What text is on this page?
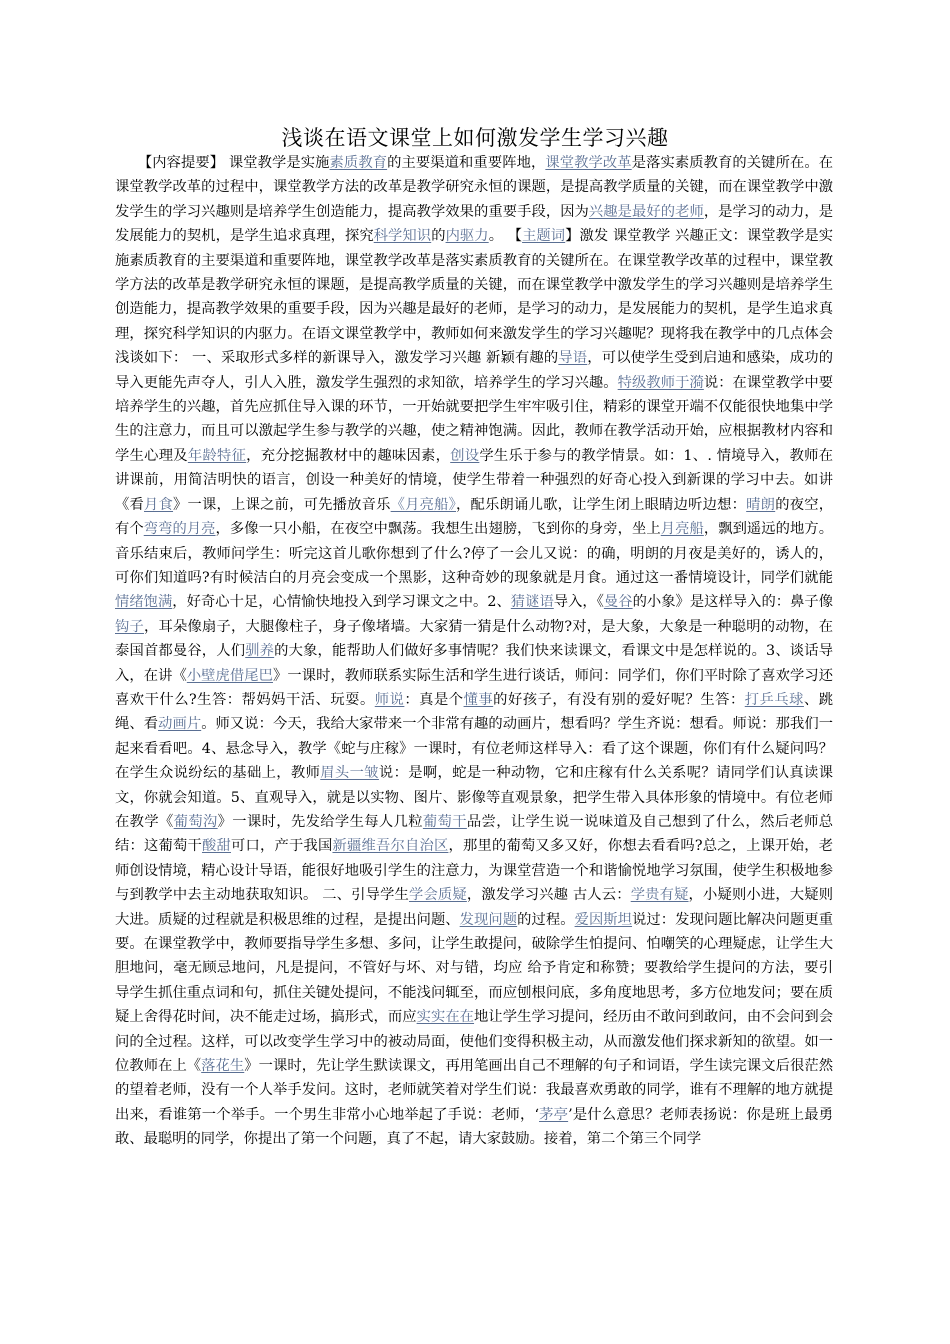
浅谈在语文课堂上如何激发学生学习兴趣

【内容提要】 课堂教学是实施素质教育的主要渠道和重要阵地，课堂教学改革是落实素质教育的关键所在。在课堂教学改革的过程中，课堂教学方法的改革是教学研究永恒的课题，是提高教学质量的关键，而在课堂教学中激发学生的学习兴趣则是培养学生创造能力，提高教学效果的重要手段，因为兴趣是最好的老师，是学习的动力，是发展能力的契机，是学生追求真理，探究科学知识的内驱力。 【主题词】激发 课堂教学 兴趣正文：课堂教学是实施素质教育的主要渠道和重要阵地，课堂教学改革是落实素质教育的关键所在。在课堂教学改革的过程中，课堂教学方法的改革是教学研究永恒的课题，是提高教学质量的关键，而在课堂教学中激发学生的学习兴趣则是培养学生创造能力，提高教学效果的重要手段，因为兴趣是最好的老师，是学习的动力，是发展能力的契机，是学生追求真理，探究科学知识的内驱力。在语文课堂教学中，教师如何来激发学生的学习兴趣呢？现将我在教学中的几点体会浅谈如下： 一、采取形式多样的新课导入，激发学习兴趣 新颖有趣的导语，可以使学生受到启迪和感染，成功的导入更能先声夺人，引人入胜，激发学生强烈的求知欲，培养学生的学习兴趣。特级教师于漪说：在课堂教学中要培养学生的兴趣，首先应抓住导入课的环节，一开始就要把学生牢牢吸引住，精彩的课堂开端不仅能很快地集中学生的注意力，而且可以激起学生参与教学的兴趣，使之精神饱满。因此，教师在教学活动开始，应根据教材内容和学生心理及年龄特征，充分挖掘教材中的趣味因素，创设学生乐于参与的教学情景。如：1、. 情境导入，教师在讲课前，用简洁明快的语言，创设一种美好的情境，使学生带着一种强烈的好奇心投入到新课的学习中去。如讲《看月食》一课，上课之前，可先播放音乐《月亮船》，配乐朗诵儿歌，让学生闭上眼睛边听边想：晴朗的夜空，有个弯弯的月亮，多像一只小船，在夜空中飘荡。我想生出翅膀，飞到你的身旁，坐上月亮船，飘到遥远的地方。音乐结束后，教师问学生：听完这首儿歌你想到了什么?停了一会儿又说：的确，明朗的月夜是美好的，诱人的，可你们知道吗?有时候洁白的月亮会变成一个黑影，这种奇妙的现象就是月食。通过这一番情境设计，同学们就能情绪饱满，好奇心十足，心情愉快地投入到学习课文之中。2、猜谜语导入，《曼谷的小象》是这样导入的：鼻子像钩子，耳朵像扇子，大腿像柱子，身子像堵墙。大家猜一猜是什么动物?对，是大象，大象是一种聪明的动物，在泰国首都曼谷，人们驯养的大象，能帮助人们做好多事情呢？我们快来读课文，看课文中是怎样说的。3、谈话导入，在讲《小壁虎借尾巴》一课时，教师联系实际生活和学生进行谈话，师问：同学们，你们平时除了喜欢学习还喜欢干什么?生答：帮妈妈干活、玩耍。师说：真是个懂事的好孩子，有没有别的爱好呢？生答：打乒乓球、跳绳、看动画片。师又说：今天，我给大家带来一个非常有趣的动画片，想看吗？学生齐说：想看。师说：那我们一起来看看吧。4、悬念导入，教学《蛇与庄稼》一课时，有位老师这样导入：看了这个课题，你们有什么疑问吗？在学生众说纷纭的基础上，教师眉头一皱说：是啊，蛇是一种动物，它和庄稼有什么关系呢？请同学们认真读课文，你就会知道。5、直观导入，就是以实物、图片、影像等直观景象，把学生带入具体形象的情境中。有位老师在教学《葡萄沟》一课时，先发给学生每人几粒葡萄干品尝，让学生说一说味道及自己想到了什么，然后老师总结：这葡萄干酸甜可口，产于我国新疆维吾尔自治区，那里的葡萄又多又好，你想去看看吗?总之，上课开始，老师创设情境，精心设计导语，能很好地吸引学生的注意力，为课堂营造一个和谐愉悦地学习氛围，使学生积极地参与到教学中去主动地获取知识。 二、引导学生学会质疑，激发学习兴趣 古人云：学贵有疑，小疑则小进，大疑则大进。质疑的过程就是积极思维的过程，是提出问题、发现问题的过程。爱因斯坦说过：发现问题比解决问题更重要。在课堂教学中，教师要指导学生多想、多问，让学生敢提问，破除学生怕提问、怕嘲笑的心理疑虑，让学生大胆地问，毫无顾忌地问，凡是提问，不管好与坏、对与错，均应 给予肯定和称赞；要教给学生提问的方法，要引导学生抓住重点词和句，抓住关键处提问，不能浅问辄至，而应刨根问底，多角度地思考，多方位地发问；要在质疑上舍得花时间，决不能走过场，搞形式，而应实实在在地让学生学习提问，经历由不敢问到敢问，由不会问到会问的全过程。这样，可以改变学生学习中的被动局面，使他们变得积极主动，从而激发他们探求新知的欲望。如一位教师在上《落花生》一课时，先让学生默读课文，再用笔画出自己不理解的句子和词语，学生读完课文后很茫然的望着老师，没有一个人举手发问。这时，老师就笑着对学生们说：我最喜欢勇敢的同学，谁有不理解的地方就提出来，看谁第一个举手。一个男生非常小心地举起了手说：老师，‘茅亭’是什么意思？老师表扬说：你是班上最勇敢、最聪明的同学，你提出了第一个问题，真了不起，请大家鼓励。接着，第二个第三个同学
